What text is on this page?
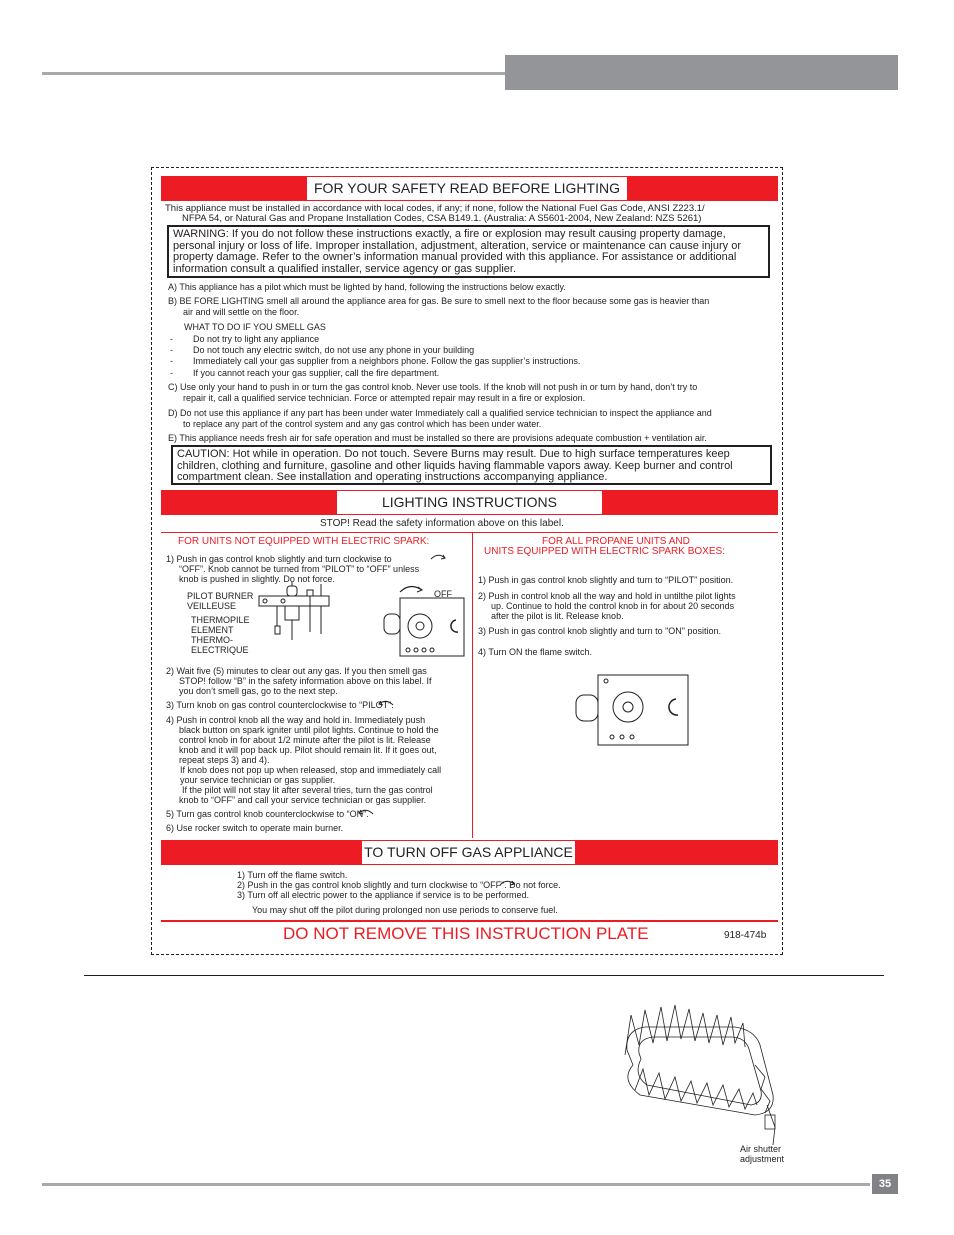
FOR YOUR SAFETY READ BEFORE LIGHTING
This appliance must be installed in accordance with local codes, if any; if none, follow the National Fuel Gas Code, ANSI Z223.1/
NFPA 54, or Natural Gas and Propane Installation Codes, CSA B149.1. (Australia: A S5601-2004, New Zealand: NZS 5261)
WARNING: If you do not follow these instructions exactly, a fire or explosion may result causing property damage, personal injury or loss of life. Improper installation, adjustment, alteration, service or maintenance can cause injury or property damage. Refer to the owner’s information manual provided with this appliance. For assistance or additional information consult a qualified installer, service agency or gas supplier.
A) This appliance has a pilot which must be lighted by hand, following the instructions below exactly.
B) BE FORE LIGHTING smell all around the appliance area for gas. Be sure to smell next to the floor because some gas is heavier than
air and will settle on the floor.
WHAT TO DO IF YOU SMELL GAS
- Do not try to light any appliance
- Do not touch any electric switch, do not use any phone in your building
- Immediately call your gas supplier from a neighbors phone. Follow the gas supplier’s instructions.
- If you cannot reach your gas supplier, call the fire department.
C) Use only your hand to push in or turn the gas control knob. Never use tools. If the knob will not push in or turn by hand, don’t try to
repair it, call a qualified service technician. Force or attempted repair may result in a fire or explosion.
D) Do not use this appliance if any part has been under water Immediately call a qualified service technician to inspect the appliance and
to replace any part of the control system and any gas control which has been under water.
E) This appliance needs fresh air for safe operation and must be installed so there are provisions adequate combustion + ventilation air.
CAUTION: Hot while in operation. Do not touch. Severe Burns may result. Due to high surface temperatures keep children, clothing and furniture, gasoline and other liquids having flammable vapors away. Keep burner and control compartment clean. See installation and operating instructions accompanying appliance.
LIGHTING INSTRUCTIONS
STOP! Read the safety information above on this label.
FOR UNITS NOT EQUIPPED WITH ELECTRIC SPARK:
1) Push in gas control knob slightly and turn clockwise to
“OFF”. Knob cannot be turned from “PILOT” to “OFF” unless
knob is pushed in slightly. Do not force.
PILOT BURNER
VEILLEUSE
THERMOPILE
ELEMENT
THERMO-
ELECTRIQUE
OFF
2) Wait five (5) minutes to clear out any gas. If you then smell gas
STOP! follow “B” in the safety information above on this label. If
you don’t smell gas, go to the next step.
3) Turn knob on gas control counterclockwise to “PILOT”.
4) Push in control knob all the way and hold in. Immediately push
black button on spark igniter until pilot lights. Continue to hold the
control knob in for about 1/2 minute after the pilot is lit. Release
knob and it will pop back up. Pilot should remain lit. If it goes out,
repeat steps 3) and 4).
If knob does not pop up when released, stop and immediately call
your service technician or gas supplier.
If the pilot will not stay lit after several tries, turn the gas control
knob to “OFF” and call your service technician or gas supplier.
5) Turn gas control knob counterclockwise to “ON”.
6) Use rocker switch to operate main burner.
FOR ALL PROPANE UNITS AND
UNITS EQUIPPED WITH ELECTRIC SPARK BOXES:
1) Push in gas control knob slightly and turn to “PILOT” position.
2) Push in control knob all the way and hold in untilthe pilot lights
up. Continue to hold the control knob in for about 20 seconds
after the pilot is lit. Release knob.
3) Push in gas control knob slightly and turn to "ON" position.
4) Turn ON the flame switch.
TO TURN OFF GAS APPLIANCE
1) Turn off the flame switch.
2) Push in the gas control knob slightly and turn clockwise to “OFF”. Do not force.
3) Turn off all electric power to the appliance if service is to be performed.
You may shut off the pilot during prolonged non use periods to conserve fuel.
DO NOT REMOVE THIS INSTRUCTION PLATE	918-474b
Air shutter
adjustment
35
